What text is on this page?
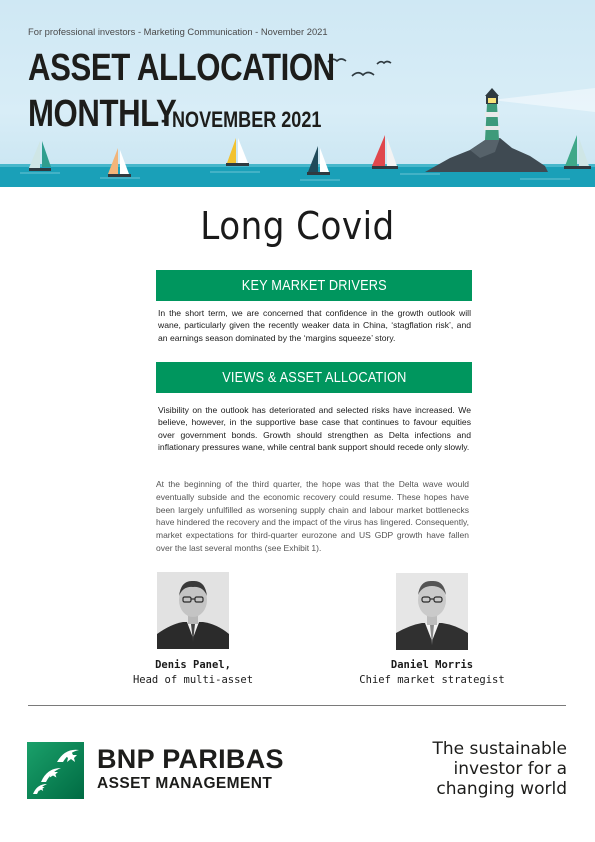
For professional investors - Marketing Communication - November 2021
ASSET ALLOCATION
MONTHLY
- NOVEMBER 2021
Long Covid
KEY MARKET DRIVERS

In the short term, we are concerned that confidence in the growth outlook will wane, particularly given the recently weaker data in China, ‘stagflation risk’, and an earnings season dominated by the ‘margins squeeze’ story.

VIEWS & ASSET ALLOCATION

Visibility on the outlook has deteriorated and selected risks have increased. We believe, however, in the supportive base case that continues to favour equities over government bonds. Growth should strengthen as Delta infections and inflationary pressures wane, while central bank support should recede only slowly.

At the beginning of the third quarter, the hope was that the Delta wave would eventually subside and the economic recovery could resume. These hopes have been largely unfulfilled as worsening supply chain and labour market bottlenecks have hindered the recovery and the impact of the virus has lingered. Consequently, market expectations for third-quarter eurozone and US GDP growth have fallen over the last several months (see Exhibit 1).

Denis Panel,
Head of multi-asset
Daniel Morris
Chief market strategist
BNP PARIBAS
ASSET MANAGEMENT
The sustainable
investor for a
changing world
